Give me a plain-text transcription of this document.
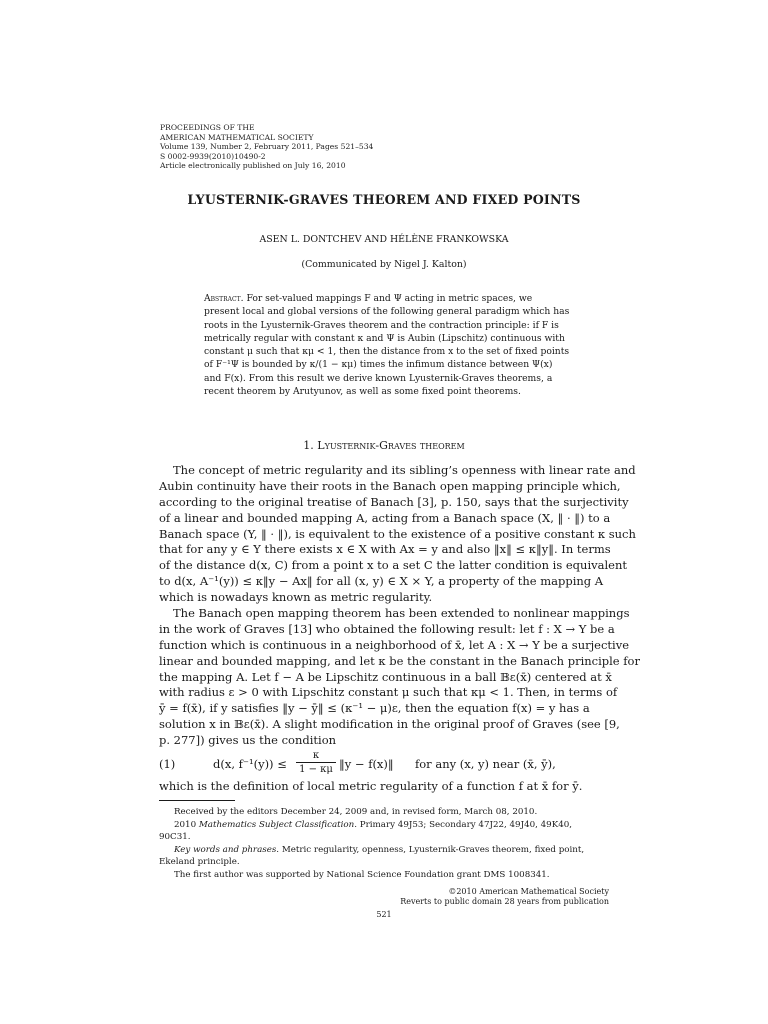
PROCEEDINGS OF THE
AMERICAN MATHEMATICAL SOCIETY
Volume 139, Number 2, February 2011, Pages 521–534
S 0002-9939(2010)10490-2
Article electronically published on July 16, 2010
LYUSTERNIK-GRAVES THEOREM AND FIXED POINTS
ASEN L. DONTCHEV AND HÉLÈNE FRANKOWSKA
(Communicated by Nigel J. Kalton)
Abstract. For set-valued mappings F and Ψ acting in metric spaces, we
present local and global versions of the following general paradigm which has
roots in the Lyusternik-Graves theorem and the contraction principle: if F is
metrically regular with constant κ and Ψ is Aubin (Lipschitz) continuous with
constant μ such that κμ < 1, then the distance from x to the set of fixed points
of F⁻¹Ψ is bounded by κ/(1 − κμ) times the infimum distance between Ψ(x)
and F(x). From this result we derive known Lyusternik-Graves theorems, a
recent theorem by Arutyunov, as well as some fixed point theorems.
1. Lyusternik-Graves theorem
The concept of metric regularity and its sibling’s openness with linear rate and
Aubin continuity have their roots in the Banach open mapping principle which,
according to the original treatise of Banach [3], p. 150, says that the surjectivity
of a linear and bounded mapping A, acting from a Banach space (X, ‖ · ‖) to a
Banach space (Y, ‖ · ‖), is equivalent to the existence of a positive constant κ such
that for any y ∈ Y there exists x ∈ X with Ax = y and also ‖x‖ ≤ κ‖y‖. In terms
of the distance d(x, C) from a point x to a set C the latter condition is equivalent
to d(x, A⁻¹(y)) ≤ κ‖y − Ax‖ for all (x, y) ∈ X × Y, a property of the mapping A
which is nowadays known as metric regularity.
The Banach open mapping theorem has been extended to nonlinear mappings
in the work of Graves [13] who obtained the following result: let f : X → Y be a
function which is continuous in a neighborhood of x̄, let A : X → Y be a surjective
linear and bounded mapping, and let κ be the constant in the Banach principle for
the mapping A. Let f − A be Lipschitz continuous in a ball 𝔹ε(x̄) centered at x̄
with radius ε > 0 with Lipschitz constant μ such that κμ < 1. Then, in terms of
ȳ = f(x̄), if y satisfies ‖y − ȳ‖ ≤ (κ⁻¹ − μ)ε, then the equation f(x) = y has a
solution x in 𝔹ε(x̄). A slight modification in the original proof of Graves (see [9,
p. 277]) gives us the condition
(1)	d(x, $f^{-1}(y)) \le \frac{\kappa}{1 - \kappa\mu}$ ‖y − f(x)‖ for any (x, y) near (x̄, ȳ),
which is the definition of local metric regularity of a function f at x̄ for ȳ.
Received by the editors December 24, 2009 and, in revised form, March 08, 2010.
2010 Mathematics Subject Classification. Primary 49J53; Secondary 47J22, 49J40, 49K40,
90C31.
Key words and phrases. Metric regularity, openness, Lyusternik-Graves theorem, fixed point,
Ekeland principle.
The first author was supported by National Science Foundation grant DMS 1008341.
©2010 American Mathematical Society
Reverts to public domain 28 years from publication
521
